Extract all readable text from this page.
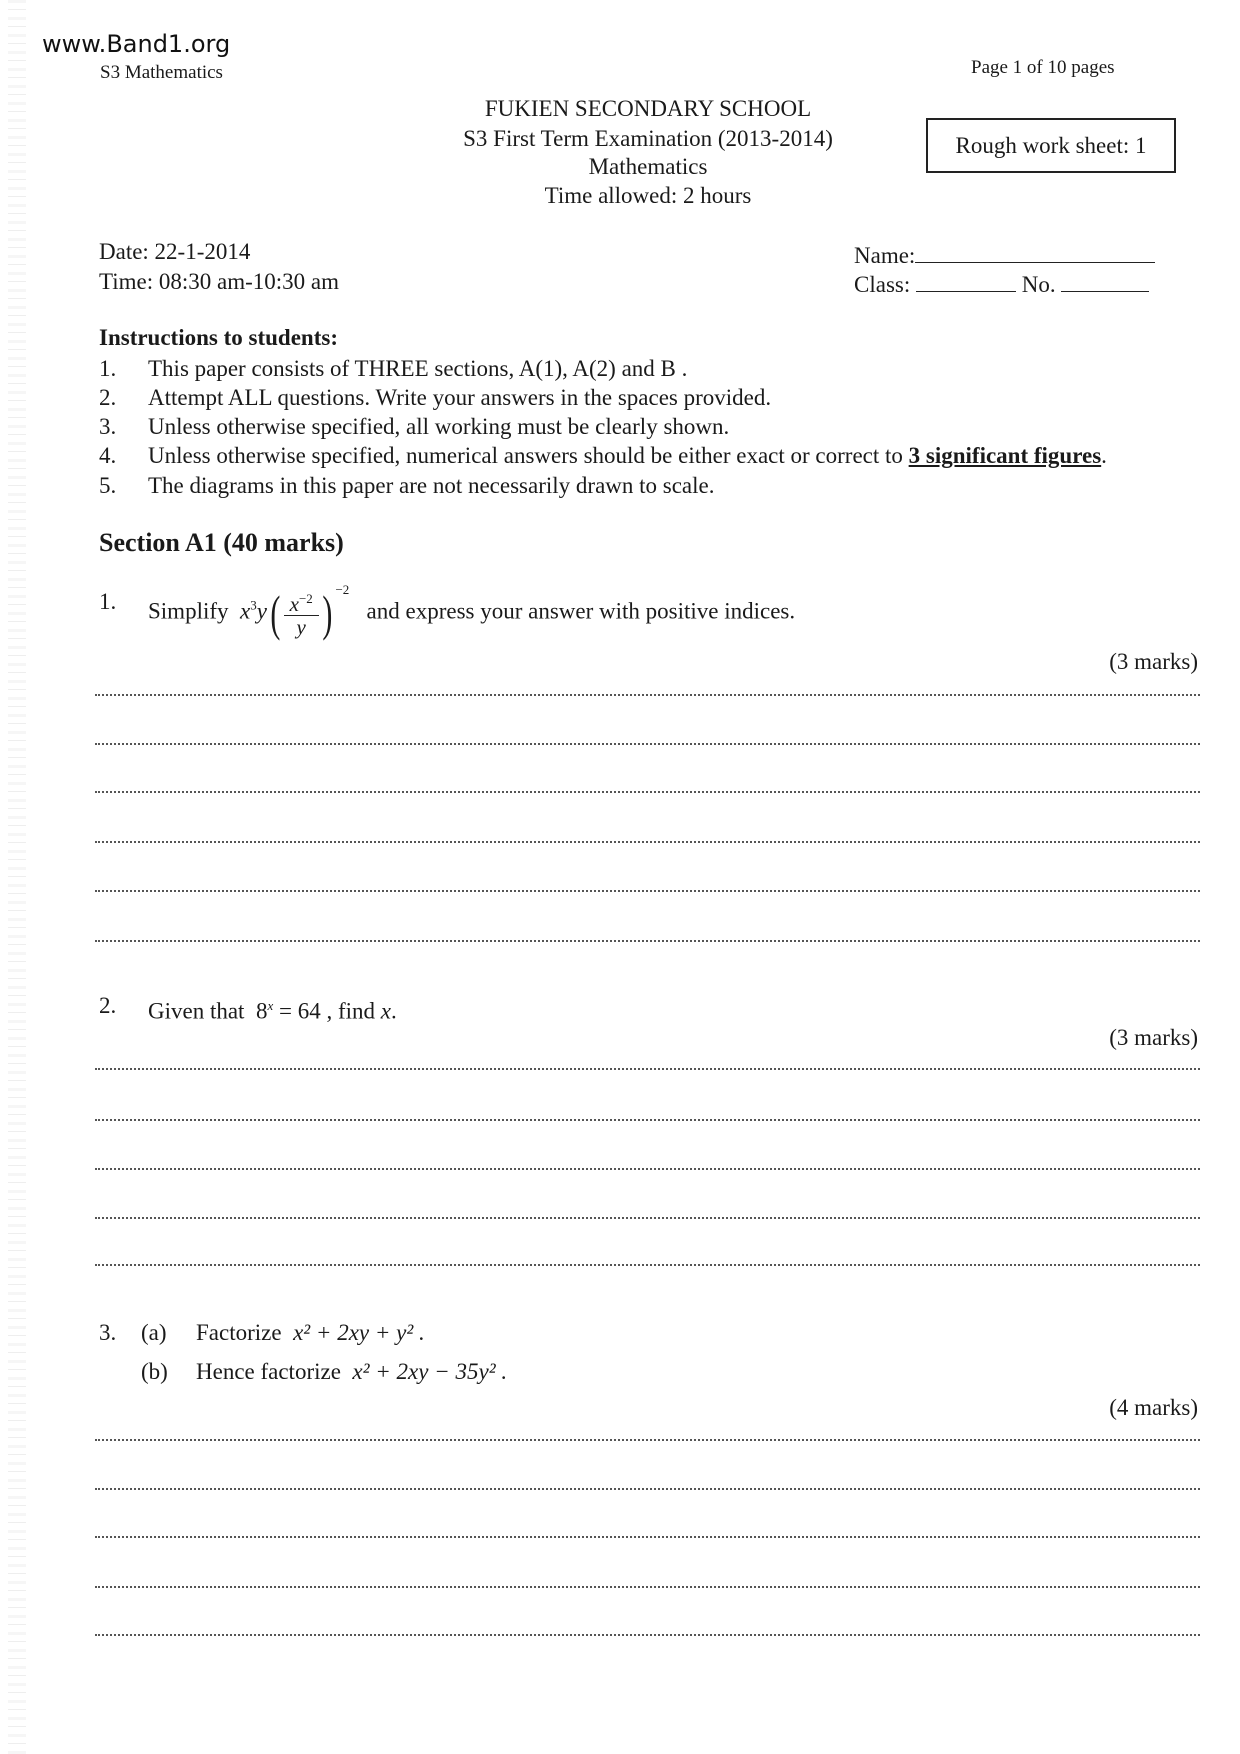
www.Band1.org
S3 Mathematics	Page 1 of 10 pages
FUKIEN SECONDARY SCHOOL
S3 First Term Examination (2013-2014)
Mathematics
Time allowed: 2 hours
Rough work sheet: 1
Date: 22-1-2014
Time: 08:30 am-10:30 am
Name:
Class:	No.
Instructions to students:
1. This paper consists of THREE sections, A(1), A(2) and B .
2. Attempt ALL questions. Write your answers in the spaces provided.
3. Unless otherwise specified, all working must be clearly shown.
4. Unless otherwise specified, numerical answers should be either exact or correct to 3 significant figures.
5. The diagrams in this paper are not necessarily drawn to scale.
Section A1 (40 marks)
1. Simplify $x^3y( \frac{x^{-2}}{y}$ ) $^{-2}$   and express your answer with positive indices.
(3 marks)
2. Given that $8^x = 64$ , find x.
(3 marks)
3. (a) Factorize x² + 2xy + y² .
(b) Hence factorize x² + 2xy − 35y² .
(4 marks)
